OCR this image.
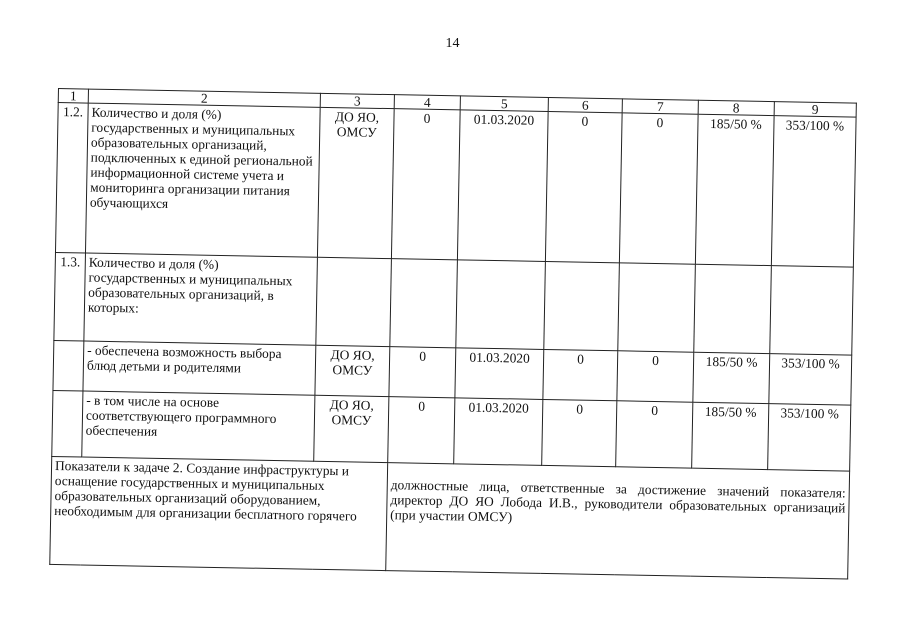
14
1	2	3	4	5	6	7	8	9
1.2.	Количество и доля (%) государственных и муниципальных образовательных организаций, подключенных к единой региональной информационной системе учета и мониторинга организации питания обучающихся	ДО ЯО, ОМСУ	0	01.03.2020	0	0	185/50 %	353/100 %
1.3.	Количество и доля (%) государственных и муниципальных образовательных организаций, в которых:							
	- обеспечена возможность выбора блюд детьми и родителями	ДО ЯО, ОМСУ	0	01.03.2020	0	0	185/50 %	353/100 %
	- в том числе на основе соответствующего программного обеспечения	ДО ЯО, ОМСУ	0	01.03.2020	0	0	185/50 %	353/100 %
Показатели к задаче 2. Создание инфраструктуры и оснащение государственных и муниципальных образовательных организаций оборудованием, необходимым для организации бесплатного горячего			должностные лица, ответственные за достижение значений показателя: директор ДО ЯО Лобода И.В., руководители образовательных организаций (при участии ОМСУ)					
